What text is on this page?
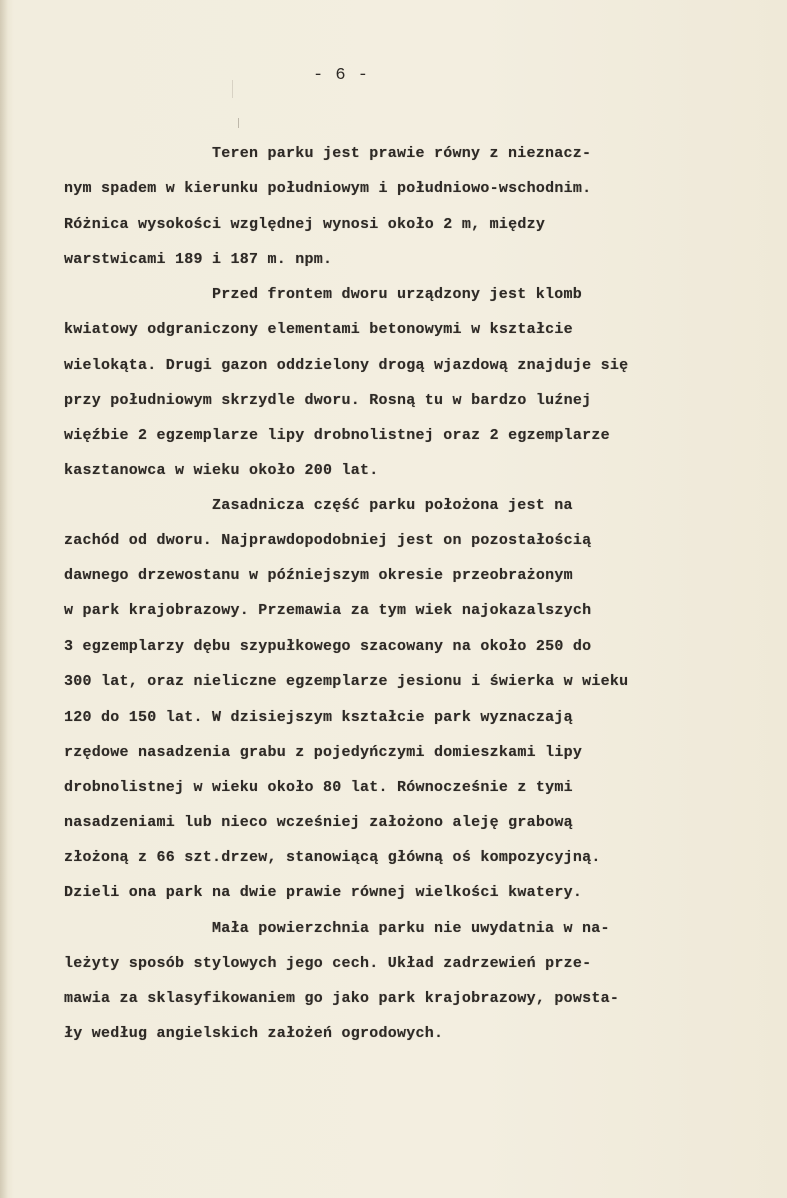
- 6 -
Teren parku jest prawie równy z nieznacz-
nym spadem w kierunku południowym i południowo-wschodnim.
Różnica wysokości względnej wynosi około 2 m, między
warstwicami 189 i 187 m. npm.
Przed frontem dworu urządzony jest klomb
kwiatowy odgraniczony elementami betonowymi w kształcie
wielokąta. Drugi gazon oddzielony drogą wjazdową znajduje się
przy południowym skrzydle dworu. Rosną tu w bardzo luźnej
więźbie 2 egzemplarze lipy drobnolistnej oraz 2 egzemplarze
kasztanowca w wieku około 200 lat.
Zasadnicza część parku położona jest na
zachód od dworu. Najprawdopodobniej jest on pozostałością
dawnego drzewostanu w późniejszym okresie przeobrażonym
w park krajobrazowy. Przemawia za tym wiek najokazalszych
3 egzemplarzy dębu szypułkowego szacowany na około 250 do
300 lat, oraz nieliczne egzemplarze jesionu i świerka w wieku
120 do 150 lat. W dzisiejszym kształcie park wyznaczają
rzędowe nasadzenia grabu z pojedyńczymi domieszkami lipy
drobnolistnej w wieku około 80 lat. Równocześnie z tymi
nasadzeniami lub nieco wcześniej założono aleję grabową
złożoną z 66 szt.drzew, stanowiącą główną oś kompozycyjną.
Dzieli ona park na dwie prawie równej wielkości kwatery.
Mała powierzchnia parku nie uwydatnia w na-
leżyty sposób stylowych jego cech. Układ zadrzewień prze-
mawia za sklasyfikowaniem go jako park krajobrazowy, powsta-
ły według angielskich założeń ogrodowych.
